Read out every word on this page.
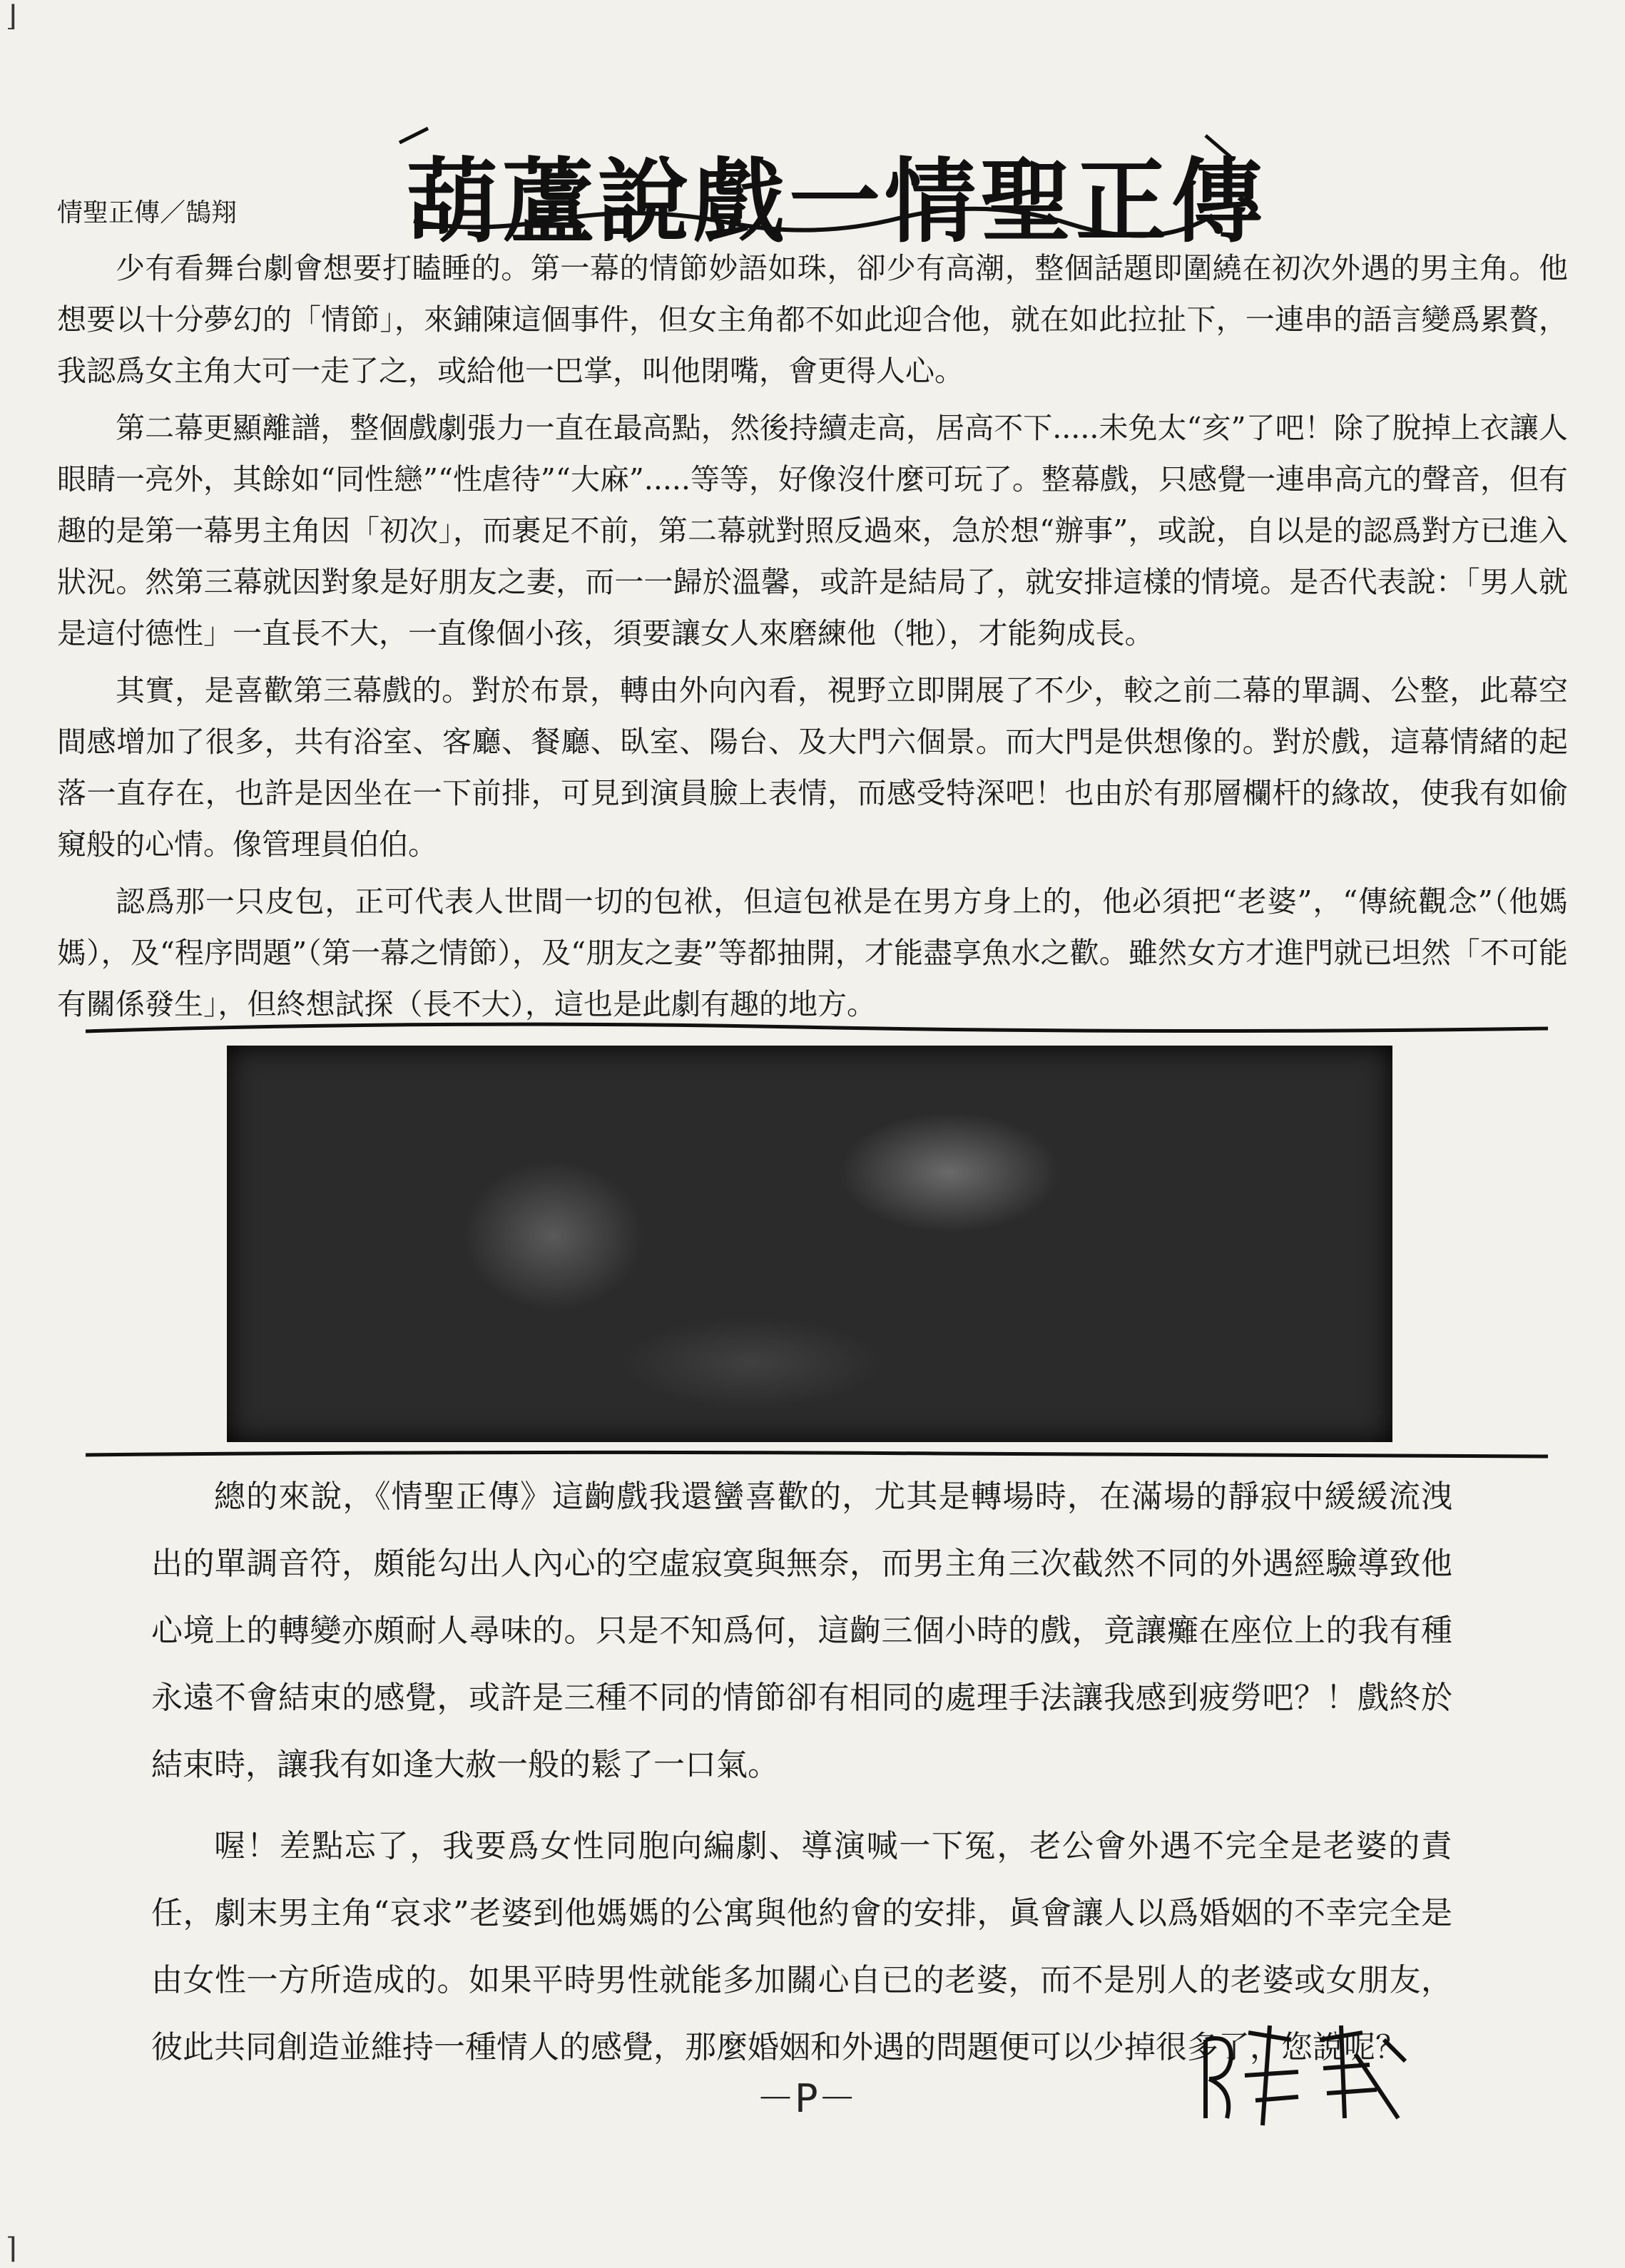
⌋
⌉
葫蘆說戲一情聖正傳
情聖正傳／鵠翔

少有看舞台劇會想要打瞌睡的。第一幕的情節妙語如珠，卻少有高潮，整個話題即圍繞在初次外遇的男主角。他想要以十分夢幻的「情節」，來鋪陳這個事件，但女主角都不如此迎合他，就在如此拉扯下，一連串的語言變爲累贅，我認爲女主角大可一走了之，或給他一巴掌，叫他閉嘴，會更得人心。

第二幕更顯離譜，整個戲劇張力一直在最高點，然後持續走高，居高不下.....未免太“亥”了吧！除了脫掉上衣讓人眼睛一亮外，其餘如“同性戀”“性虐待”“大麻”.....等等，好像沒什麼可玩了。整幕戲，只感覺一連串高亢的聲音，但有趣的是第一幕男主角因「初次」，而裹足不前，第二幕就對照反過來，急於想“辦事”，或說，自以是的認爲對方已進入狀況。然第三幕就因對象是好朋友之妻，而一一歸於溫馨，或許是結局了，就安排這樣的情境。是否代表說：「男人就是這付德性」一直長不大，一直像個小孩，須要讓女人來磨練他（牠），才能夠成長。

其實，是喜歡第三幕戲的。對於布景，轉由外向內看，視野立即開展了不少，較之前二幕的單調、公整，此幕空間感增加了很多，共有浴室、客廳、餐廳、臥室、陽台、及大門六個景。而大門是供想像的。對於戲，這幕情緒的起落一直存在，也許是因坐在一下前排，可見到演員臉上表情，而感受特深吧！也由於有那層欄杆的緣故，使我有如偷窺般的心情。像管理員伯伯。

認爲那一只皮包，正可代表人世間一切的包袱，但這包袱是在男方身上的，他必須把“老婆”，“傳統觀念”（他媽媽），及“程序問題”（第一幕之情節），及“朋友之妻”等都抽開，才能盡享魚水之歡。雖然女方才進門就已坦然「不可能有關係發生」，但終想試探（長不大），這也是此劇有趣的地方。

總的來說，《情聖正傳》這齣戲我還蠻喜歡的，尤其是轉場時，在滿場的靜寂中緩緩流洩出的單調音符，頗能勾出人內心的空虛寂寞與無奈，而男主角三次截然不同的外遇經驗導致他心境上的轉變亦頗耐人尋味的。只是不知爲何，這齣三個小時的戲，竟讓癱在座位上的我有種永遠不會結束的感覺，或許是三種不同的情節卻有相同的處理手法讓我感到疲勞吧？！戲終於結束時，讓我有如逢大赦一般的鬆了一口氣。

喔！差點忘了，我要爲女性同胞向編劇、導演喊一下冤，老公會外遇不完全是老婆的責任，劇末男主角“哀求”老婆到他媽媽的公寓與他約會的安排，眞會讓人以爲婚姻的不幸完全是由女性一方所造成的。如果平時男性就能多加關心自已的老婆，而不是別人的老婆或女朋友，彼此共同創造並維持一種情人的感覺，那麼婚姻和外遇的問題便可以少掉很多了，您說呢？

－P－
